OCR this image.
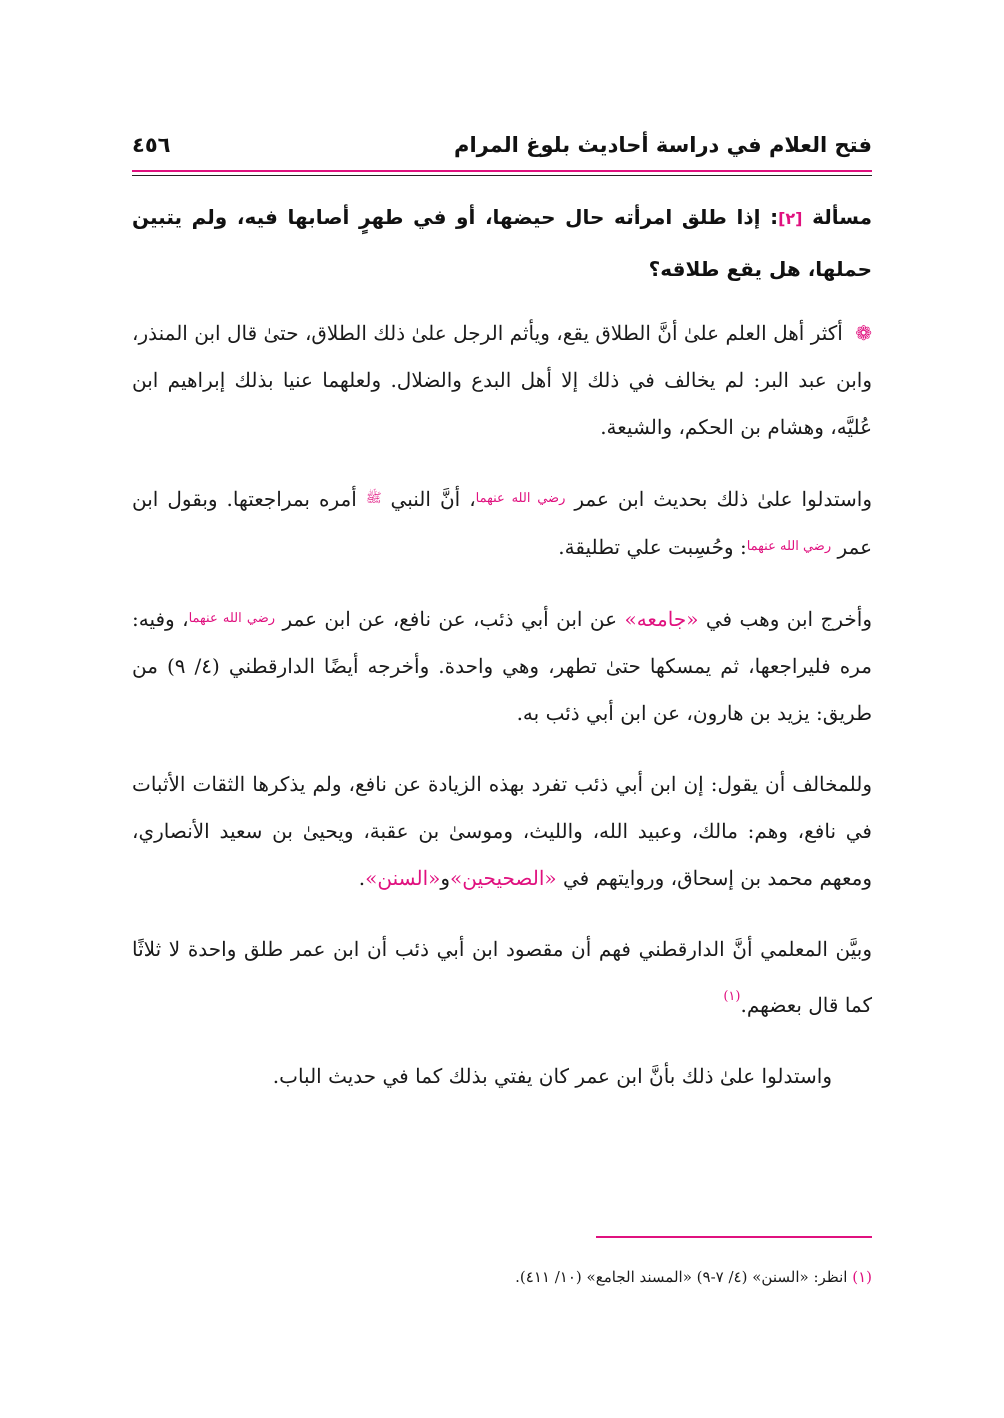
فتح العلام في دراسة أحاديث بلوغ المرام
٤٥٦
مسألة [٢]: إذا طلق امرأته حال حيضها، أو في طهرٍ أصابها فيه، ولم يتبين حملها، هل يقع طلاقه؟

❁ أكثر أهل العلم علىٰ أنَّ الطلاق يقع، ويأثم الرجل علىٰ ذلك الطلاق، حتىٰ قال ابن المنذر، وابن عبد البر: لم يخالف في ذلك إلا أهل البدع والضلال. ولعلهما عنيا بذلك إبراهيم ابن عُليَّه، وهشام بن الحكم، والشيعة.

واستدلوا علىٰ ذلك بحديث ابن عمر $^{رضي الله عنهما}$، أنَّ النبي $^ﷺ$ أمره بمراجعتها. وبقول ابن عمر $^{رضي الله عنهما}$: وحُسِبت علي تطليقة.

وأخرج ابن وهب في «جامعه» عن ابن أبي ذئب، عن نافع، عن ابن عمر $^{رضي الله عنهما}$، وفيه: مره فليراجعها، ثم يمسكها حتىٰ تطهر، وهي واحدة. وأخرجه أيضًا الدارقطني (٤/ ٩) من طريق: يزيد بن هارون، عن ابن أبي ذئب به.

وللمخالف أن يقول: إن ابن أبي ذئب تفرد بهذه الزيادة عن نافع، ولم يذكرها الثقات الأثبات في نافع، وهم: مالك، وعبيد الله، والليث، وموسىٰ بن عقبة، ويحيىٰ بن سعيد الأنصاري، ومعهم محمد بن إسحاق، وروايتهم في «الصحيحين»و«السنن».

وبيَّن المعلمي أنَّ الدارقطني فهم أن مقصود ابن أبي ذئب أن ابن عمر طلق واحدة لا ثلاثًا كما قال بعضهم.$^{(١)}$

واستدلوا علىٰ ذلك بأنَّ ابن عمر كان يفتي بذلك كما في حديث الباب.

(١) انظر: «السنن» (٤/ ٧-٩) «المسند الجامع» (١٠/ ٤١١).
